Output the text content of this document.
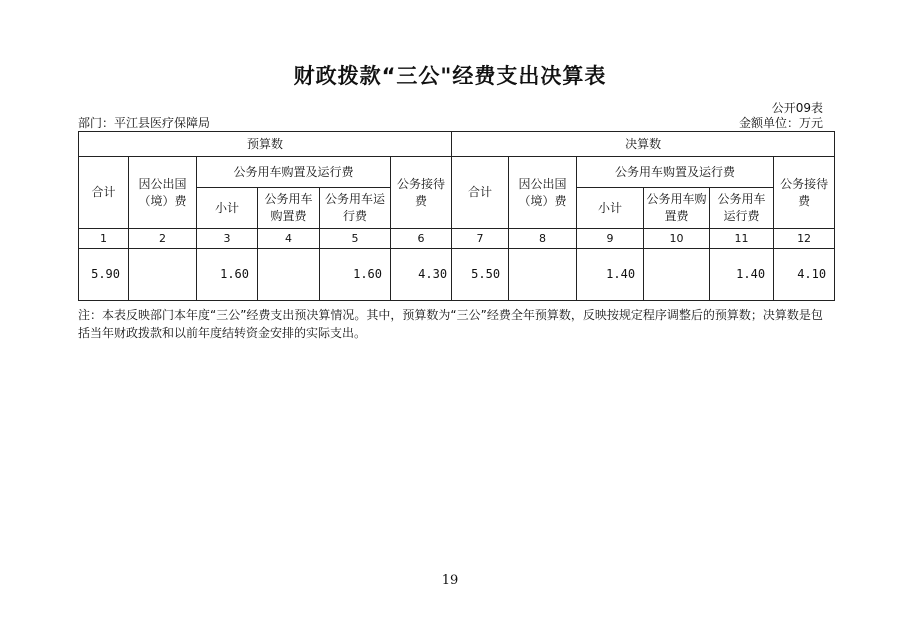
财政拨款“三公"经费支出决算表
公开09表
部门：平江县医疗保障局	金额单位：万元
预算数						决算数					
合计	因公出国（境）费	公务用车购置及运行费			公务接待费	合计	因公出国（境）费	公务用车购置及运行费			公务接待费
		小计	公务用车购置费	公务用车运行费				小计	公务用车购置费	公务用车运行费	
1	2	3	4	5	6	7	8	9	10	11	12
5.90		1.60		1.60	4.30	5.50		1.40		1.40	4.10
注：本表反映部门本年度“三公”经费支出预决算情况。其中，预算数为“三公”经费全年预算数，反映按规定程序调整后的预算数；决算数是包括当年财政拨款和以前年度结转资金安排的实际支出。
19
